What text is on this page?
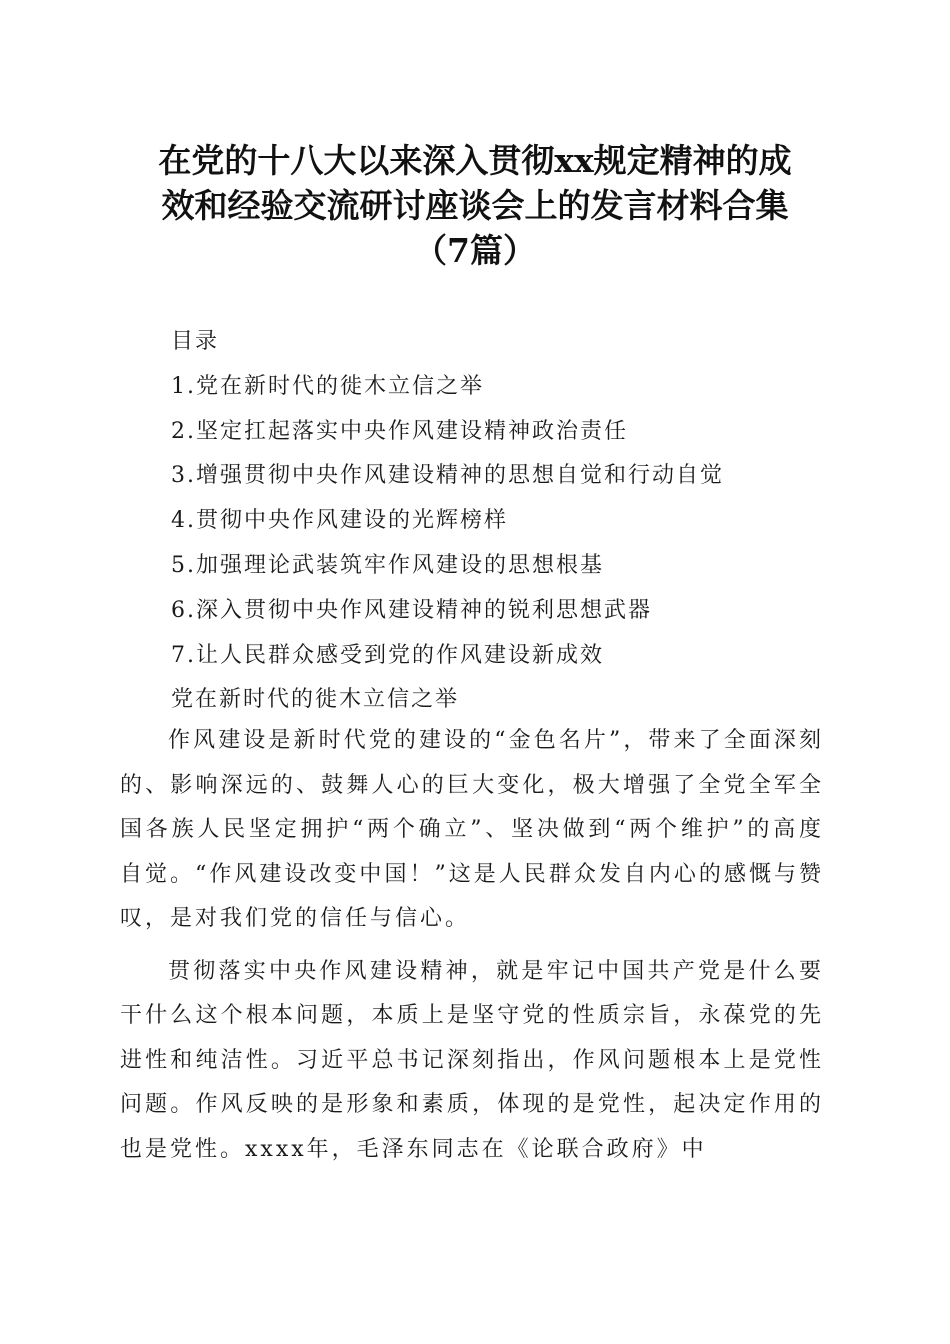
在党的十八大以来深入贯彻xx规定精神的成
效和经验交流研讨座谈会上的发言材料合集
（7篇）
目录
1.党在新时代的徙木立信之举
2.坚定扛起落实中央作风建设精神政治责任
3.增强贯彻中央作风建设精神的思想自觉和行动自觉
4.贯彻中央作风建设的光辉榜样
5.加强理论武装筑牢作风建设的思想根基
6.深入贯彻中央作风建设精神的锐利思想武器
7.让人民群众感受到党的作风建设新成效
党在新时代的徙木立信之举

作风建设是新时代党的建设的“金色名片”，带来了全面深刻的、影响深远的、鼓舞人心的巨大变化，极大增强了全党全军全国各族人民坚定拥护“两个确立”、坚决做到“两个维护”的高度自觉。“作风建设改变中国！”这是人民群众发自内心的感慨与赞叹，是对我们党的信任与信心。

贯彻落实中央作风建设精神，就是牢记中国共产党是什么要干什么这个根本问题，本质上是坚守党的性质宗旨，永葆党的先进性和纯洁性。习近平总书记深刻指出，作风问题根本上是党性问题。作风反映的是形象和素质，体现的是党性，起决定作用的也是党性。xxxx年，毛泽东同志在《论联合政府》中
